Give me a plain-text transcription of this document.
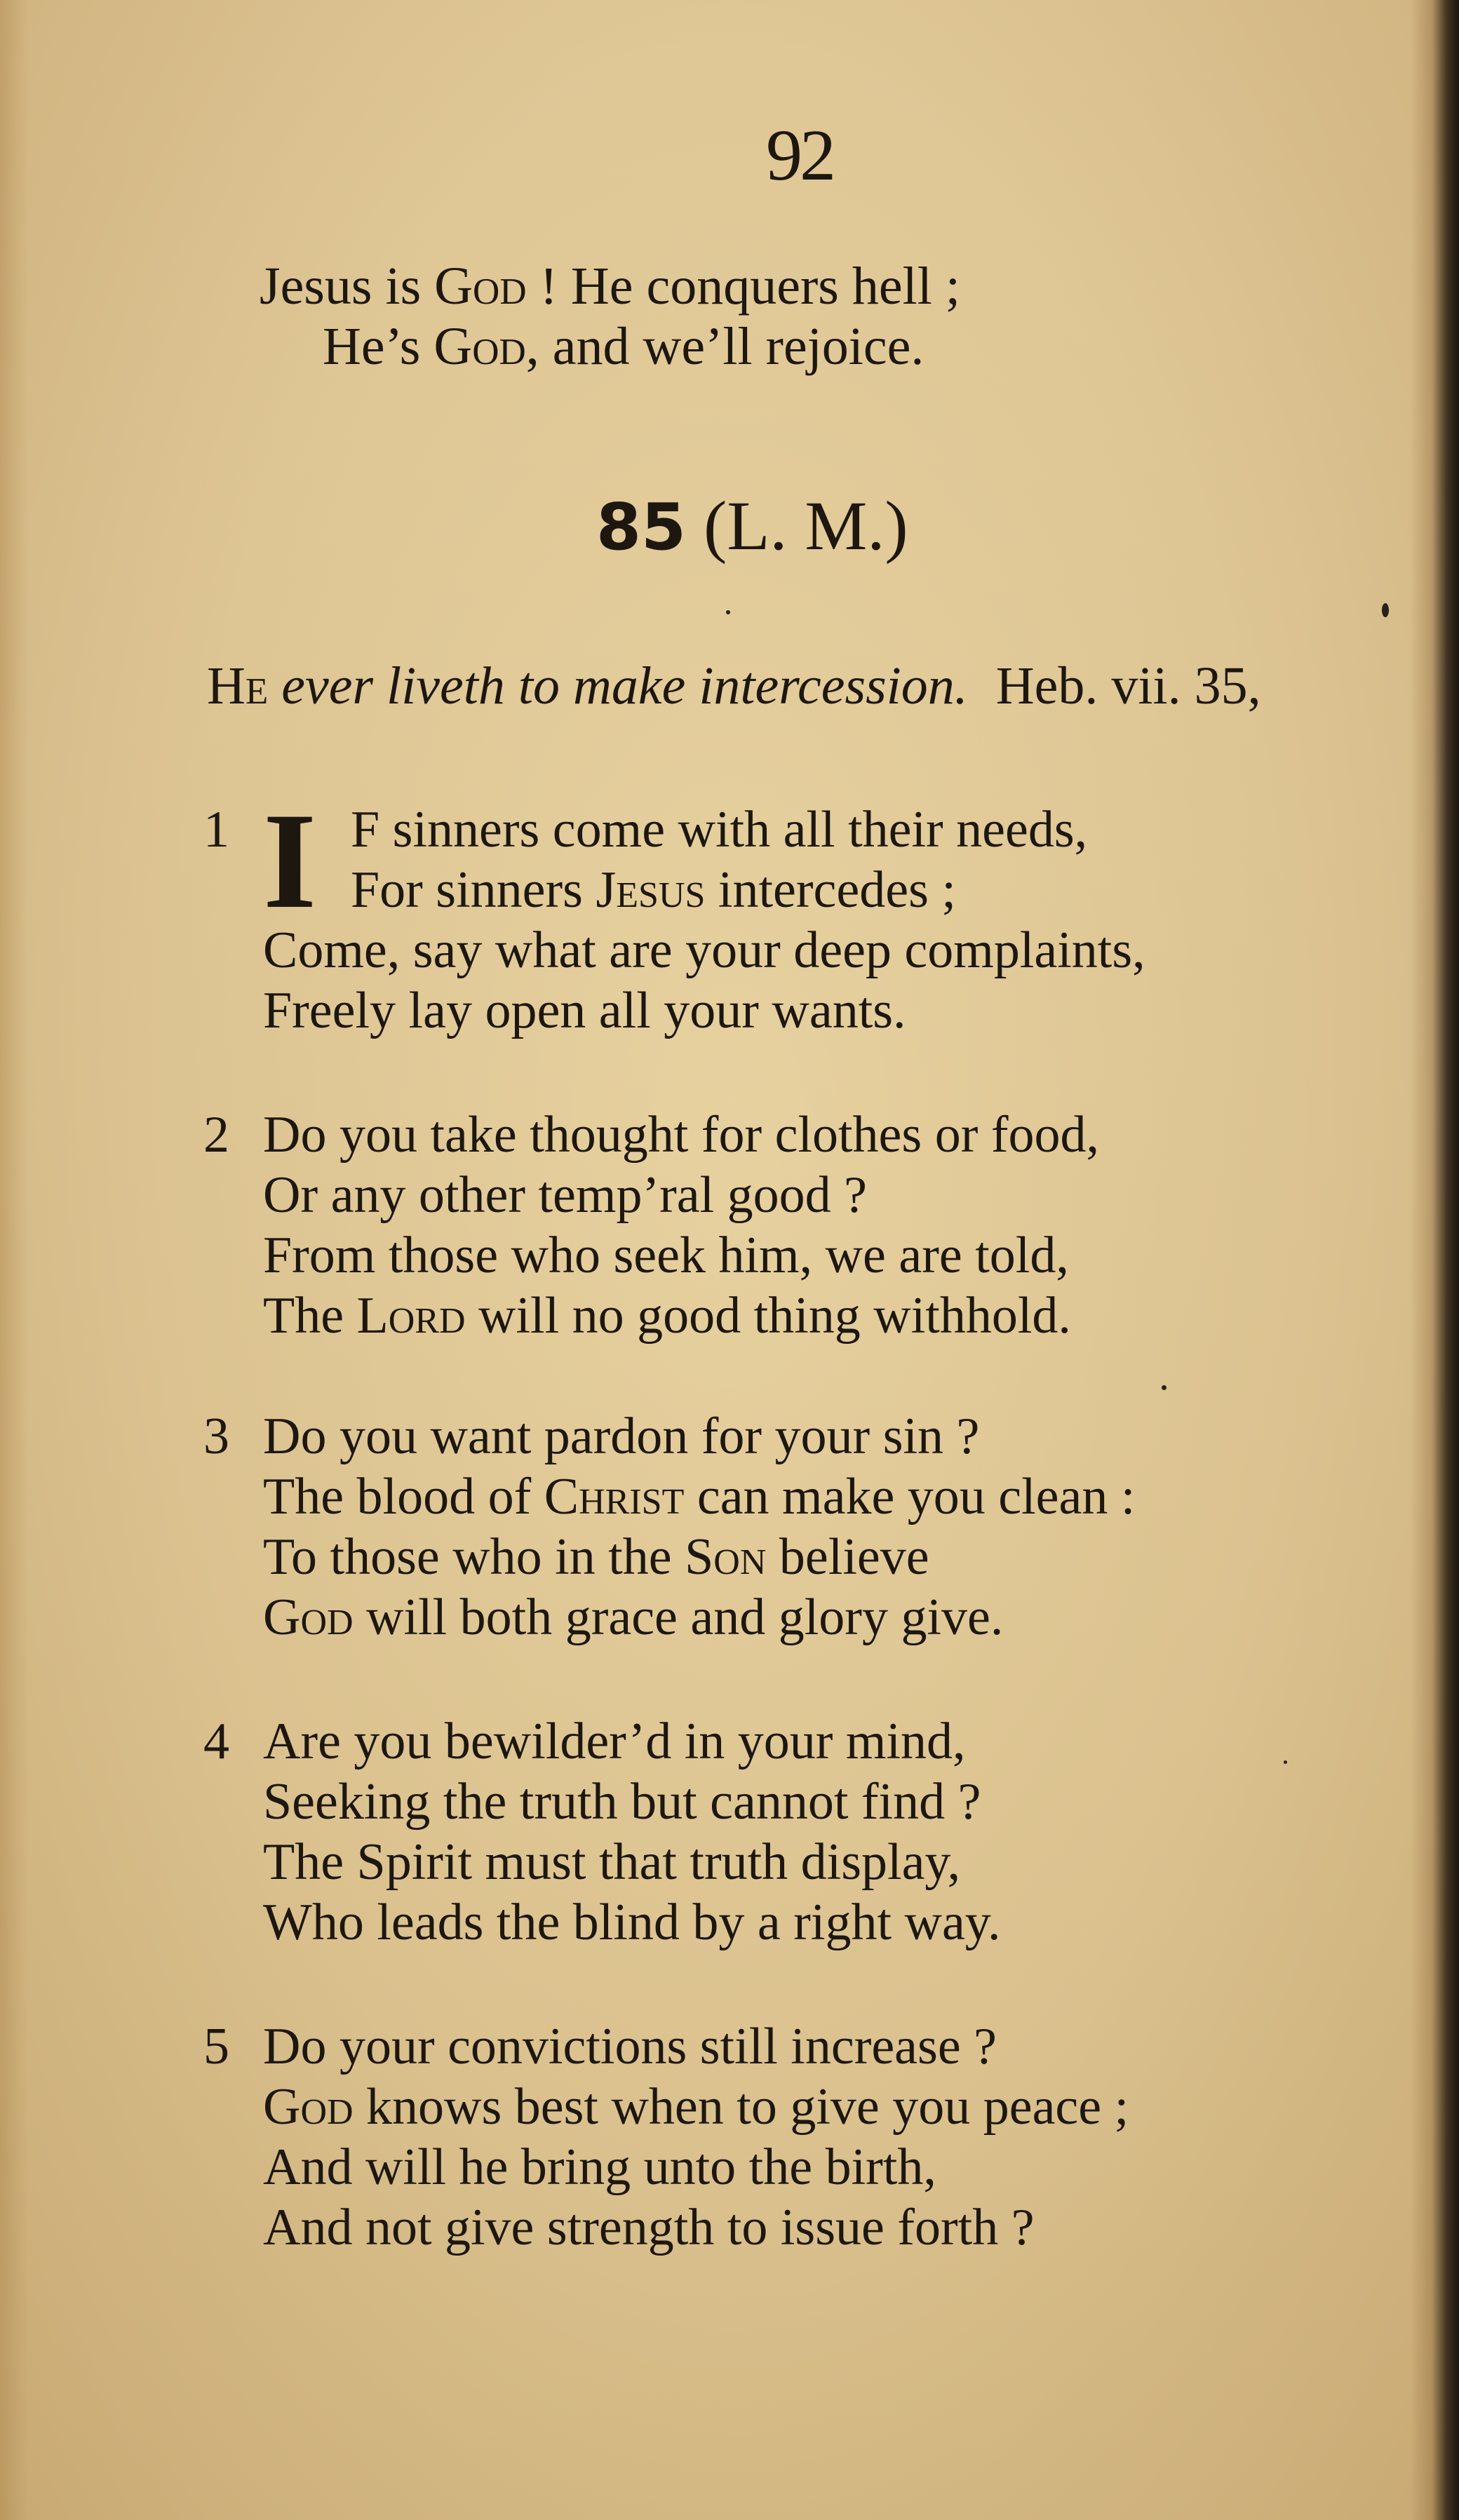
92
Jesus is God ! He conquers hell ;
He’s God, and we’ll rejoice.
85 (L. M.)
He ever liveth to make intercession. Heb. vii. 35,
1 I F sinners come with all their needs,
For sinners Jesus intercedes ;
Come, say what are your deep complaints,
Freely lay open all your wants.
2 Do you take thought for clothes or food,
Or any other temp’ral good ?
From those who seek him, we are told,
The Lord will no good thing withhold.
3 Do you want pardon for your sin ?
The blood of Christ can make you clean :
To those who in the Son believe
God will both grace and glory give.
4 Are you bewilder’d in your mind,
Seeking the truth but cannot find ?
The Spirit must that truth display,
Who leads the blind by a right way.
5 Do your convictions still increase ?
God knows best when to give you peace ;
And will he bring unto the birth,
And not give strength to issue forth ?
